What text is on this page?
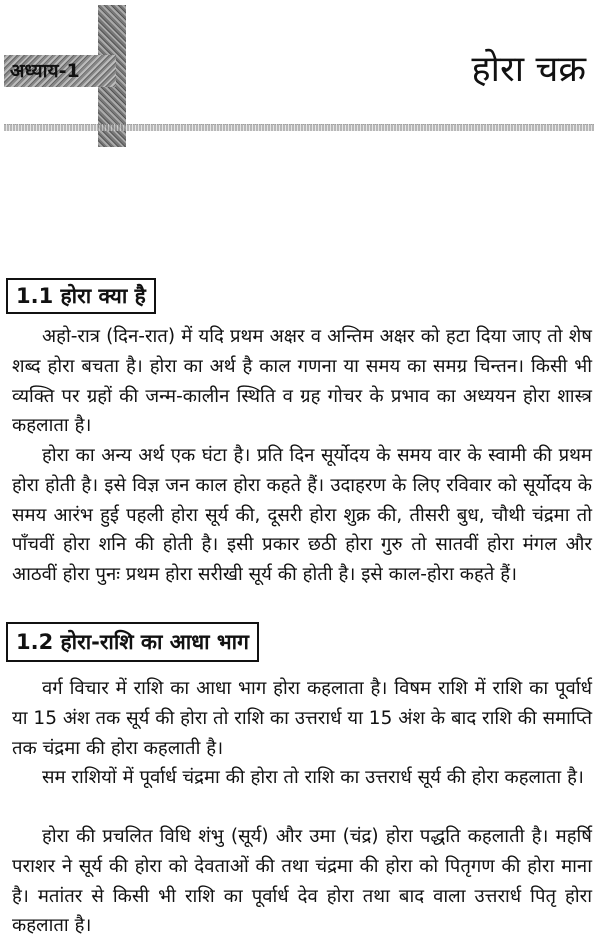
अध्याय-1	होरा चक्र
1.1 होरा क्या है

अहो-रात्र (दिन-रात) में यदि प्रथम अक्षर व अन्तिम अक्षर को हटा दिया जाए तो शेष शब्द होरा बचता है। होरा का अर्थ है काल गणना या समय का समग्र चिन्तन। किसी भी व्यक्ति पर ग्रहों की जन्म-कालीन स्थिति व ग्रह गोचर के प्रभाव का अध्ययन होरा शास्त्र कहलाता है।

होरा का अन्य अर्थ एक घंटा है। प्रति दिन सूर्योदय के समय वार के स्वामी की प्रथम होरा होती है। इसे विज्ञ जन काल होरा कहते हैं। उदाहरण के लिए रविवार को सूर्योदय के समय आरंभ हुई पहली होरा सूर्य की, दूसरी होरा शुक्र की, तीसरी बुध, चौथी चंद्रमा तो पाँचवीं होरा शनि की होती है। इसी प्रकार छठी होरा गुरु तो सातवीं होरा मंगल और आठवीं होरा पुनः प्रथम होरा सरीखी सूर्य की होती है। इसे काल-होरा कहते हैं।

1.2 होरा-राशि का आधा भाग

वर्ग विचार में राशि का आधा भाग होरा कहलाता है। विषम राशि में राशि का पूर्वार्ध या 15 अंश तक सूर्य की होरा तो राशि का उत्तरार्ध या 15 अंश के बाद राशि की समाप्ति तक चंद्रमा की होरा कहलाती है।

सम राशियों में पूर्वार्ध चंद्रमा की होरा तो राशि का उत्तरार्ध सूर्य की होरा कहलाता है।

होरा की प्रचलित विधि शंभु (सूर्य) और उमा (चंद्र) होरा पद्धति कहलाती है। महर्षि पराशर ने सूर्य की होरा को देवताओं की तथा चंद्रमा की होरा को पितृगण की होरा माना है। मतांतर से किसी भी राशि का पूर्वार्ध देव होरा तथा बाद वाला उत्तरार्ध पितृ होरा कहलाता है।
